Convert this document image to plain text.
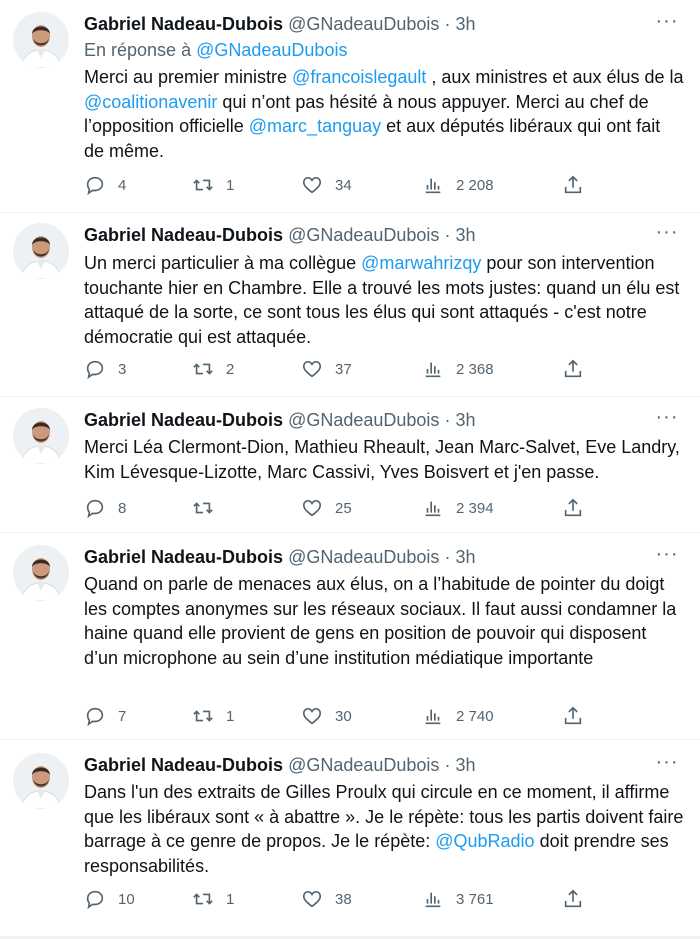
Gabriel Nadeau-Dubois @GNadeauDubois · 3h	···
En réponse à @GNadeauDubois
Merci au premier ministre @francoislegault , aux ministres et aux élus de la @coalitionavenir qui n’ont pas hésité à nous appuyer. Merci au chef de l’opposition officielle @marc_tanguay et aux députés libéraux qui ont fait de même.
4	1	34	2 208
Gabriel Nadeau-Dubois @GNadeauDubois · 3h	···
Un merci particulier à ma collègue @marwahrizqy pour son intervention touchante hier en Chambre. Elle a trouvé les mots justes: quand un élu est attaqué de la sorte, ce sont tous les élus qui sont attaqués - c'est notre démocratie qui est attaquée.
3	2	37	2 368
Gabriel Nadeau-Dubois @GNadeauDubois · 3h	···
Merci Léa Clermont-Dion, Mathieu Rheault, Jean Marc-Salvet, Eve Landry, Kim Lévesque-Lizotte, Marc Cassivi, Yves Boisvert et j'en passe.
8	25	2 394
Gabriel Nadeau-Dubois @GNadeauDubois · 3h	···
Quand on parle de menaces aux élus, on a l’habitude de pointer du doigt les comptes anonymes sur les réseaux sociaux. Il faut aussi condamner la haine quand elle provient de gens en position de pouvoir qui disposent d’un microphone au sein d’une institution médiatique importante
7	1	30	2 740
Gabriel Nadeau-Dubois @GNadeauDubois · 3h	···
Dans l'un des extraits de Gilles Proulx qui circule en ce moment, il affirme que les libéraux sont « à abattre ». Je le répète: tous les partis doivent faire barrage à ce genre de propos. Je le répète: @QubRadio doit prendre ses responsabilités.
10	1	38	3 761
